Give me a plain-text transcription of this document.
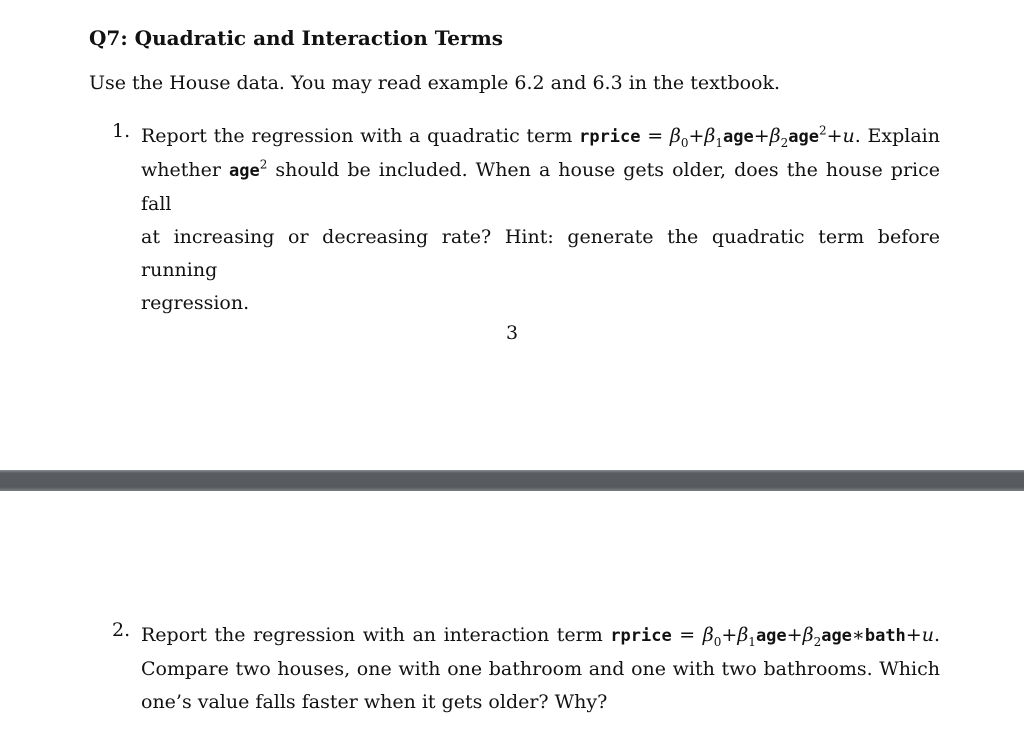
Q7: Quadratic and Interaction Terms
Use the House data. You may read example 6.2 and 6.3 in the textbook.
1. Report the regression with a quadratic term rprice = $\beta_0+\beta_1age+\beta_2age^2+u$. Explain
whether age$^2$ should be included. When a house gets older, does the house price fall
at increasing or decreasing rate? Hint: generate the quadratic term before running
regression.
3
2. Report the regression with an interaction term rprice = $\beta_0+\beta_1age+\beta_2age∗bath+u$.
Compare two houses, one with one bathroom and one with two bathrooms. Which
one’s value falls faster when it gets older? Why?
